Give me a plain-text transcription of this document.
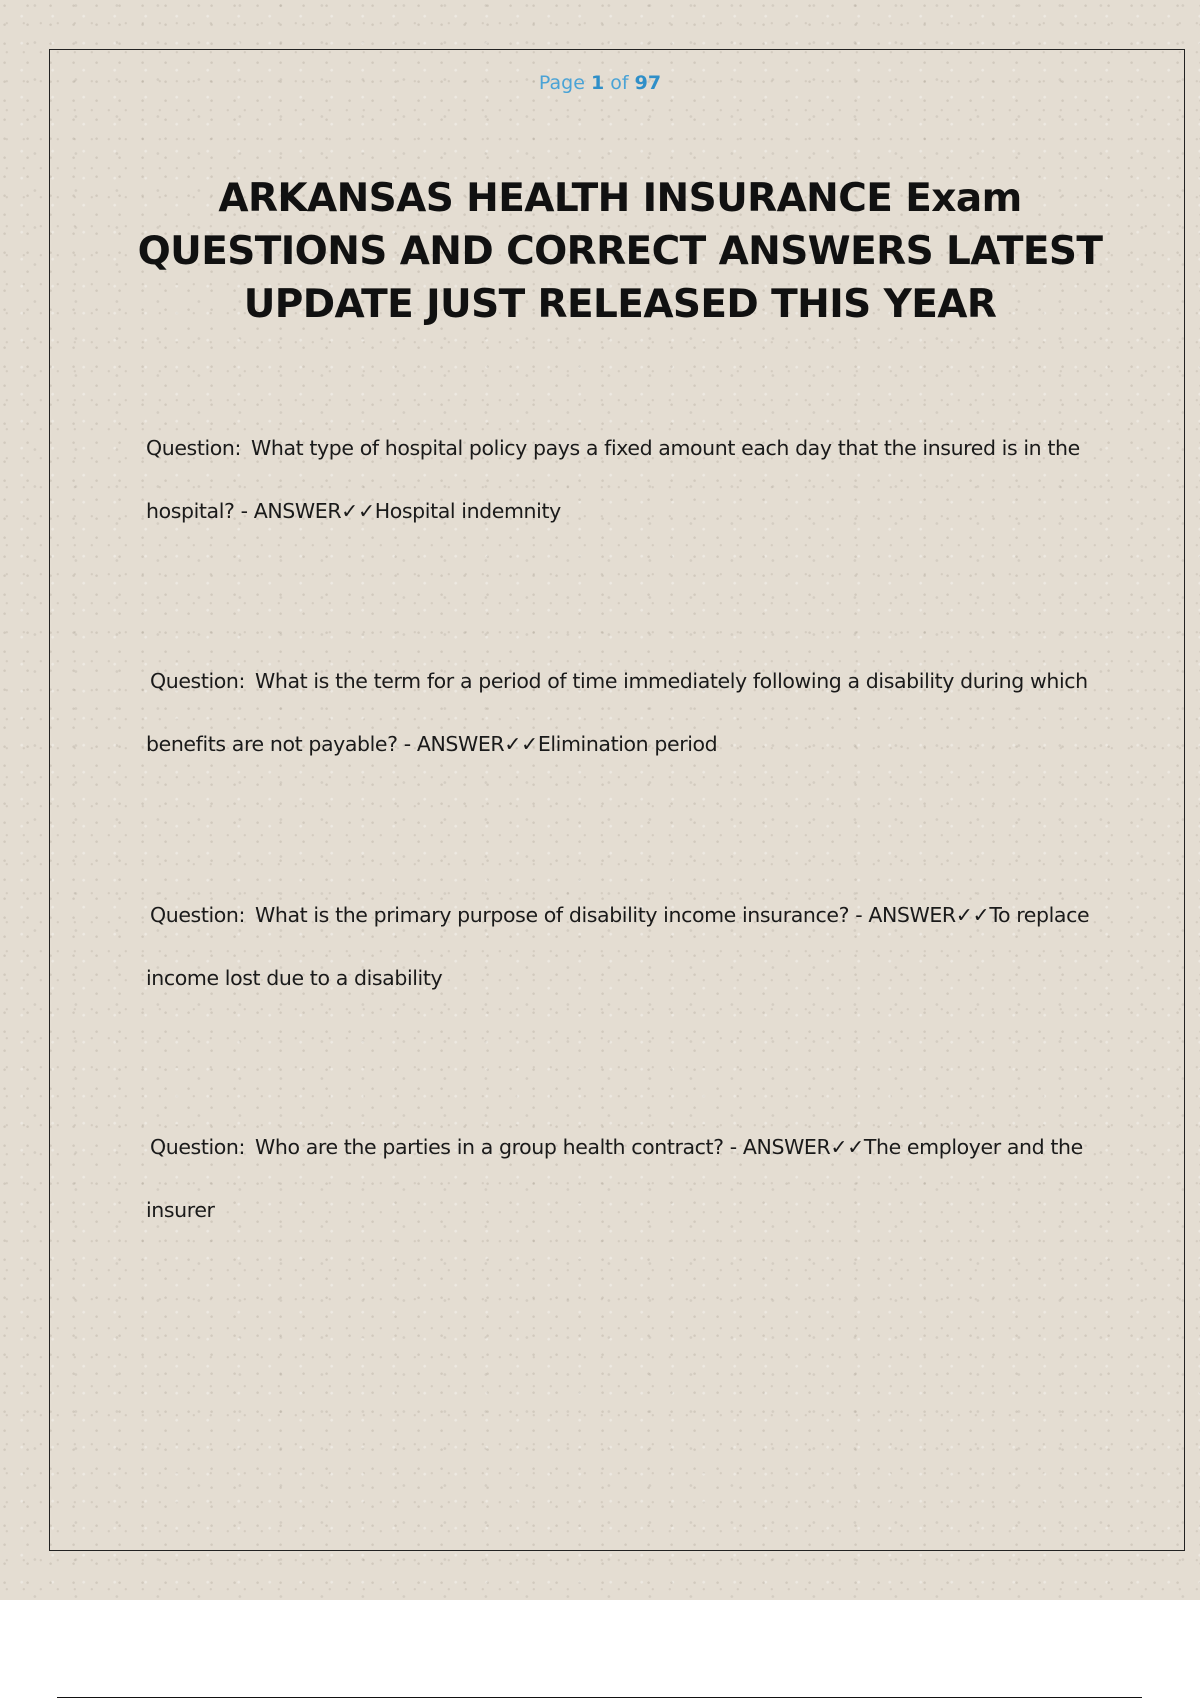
Page 1 of 97
ARKANSAS HEALTH INSURANCE Exam QUESTIONS AND CORRECT ANSWERS LATEST UPDATE JUST RELEASED THIS YEAR
Question: What type of hospital policy pays a fixed amount each day that the insured is in the hospital? - ANSWER✓✓Hospital indemnity
Question: What is the term for a period of time immediately following a disability during which benefits are not payable? - ANSWER✓✓Elimination period
Question: What is the primary purpose of disability income insurance? - ANSWER✓✓To replace income lost due to a disability
Question: Who are the parties in a group health contract? - ANSWER✓✓The employer and the insurer
